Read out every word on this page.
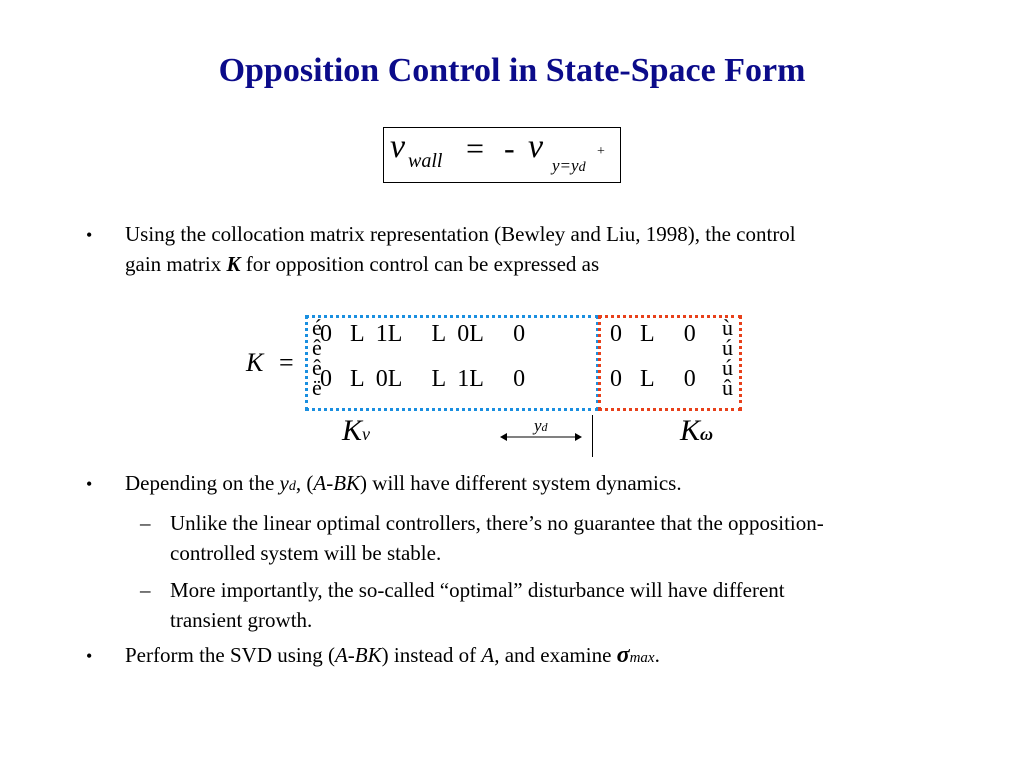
Opposition Control in State-Space Form
v wall = - v
y=yd
+
• Using the collocation matrix representation (Bewley and Liu, 1998), the control
gain matrix K for opposition control can be expressed as
K =
é
ê
ê
ë
0   L  1L     L  0L     0
0   L  0L     L  1L     0
0   L     0
0   L     0
ù
ú
ú
û
Kv	yd	Kω
• Depending on the yd, (A-BK) will have different system dynamics.
– Unlike the linear optimal controllers, there’s no guarantee that the opposition-
controlled system will be stable.
– More importantly, the so-called “optimal” disturbance will have different
transient growth.
• Perform the SVD using (A-BK) instead of A, and examine σmax.
